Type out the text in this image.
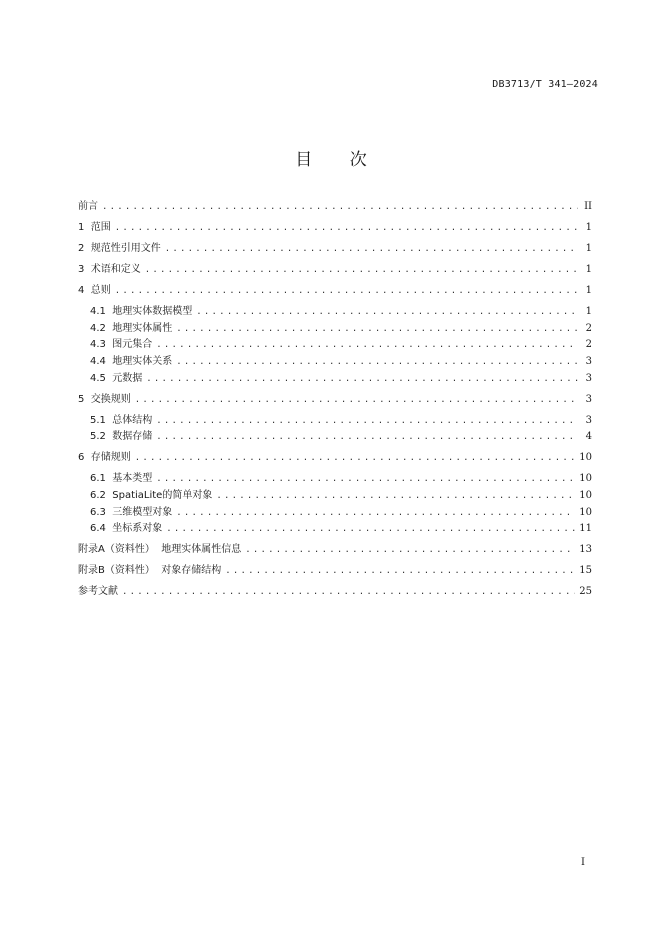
DB3713/T 341—2024
目 次
前言 . . .	II
1  范围 . . .	1
2  规范性引用文件 . . .	1
3  术语和定义 . . .	1
4  总则 . . .	1
4.1  地理实体数据模型 . . .	1
4.2  地理实体属性 . . .	2
4.3  图元集合 . . .	2
4.4  地理实体关系 . . .	3
4.5  元数据 . . .	3
5  交换规则 . . .	3
5.1  总体结构 . . .	3
5.2  数据存储 . . .	4
6  存储规则 . . .	10
6.1  基本类型 . . .	10
6.2  SpatiaLite的简单对象 . . .	10
6.3  三维模型对象 . . .	10
6.4  坐标系对象 . . .	11
附录A（资料性）  地理实体属性信息 . . .	13
附录B（资料性）  对象存储结构 . . .	15
参考文献 . . .	25
I
